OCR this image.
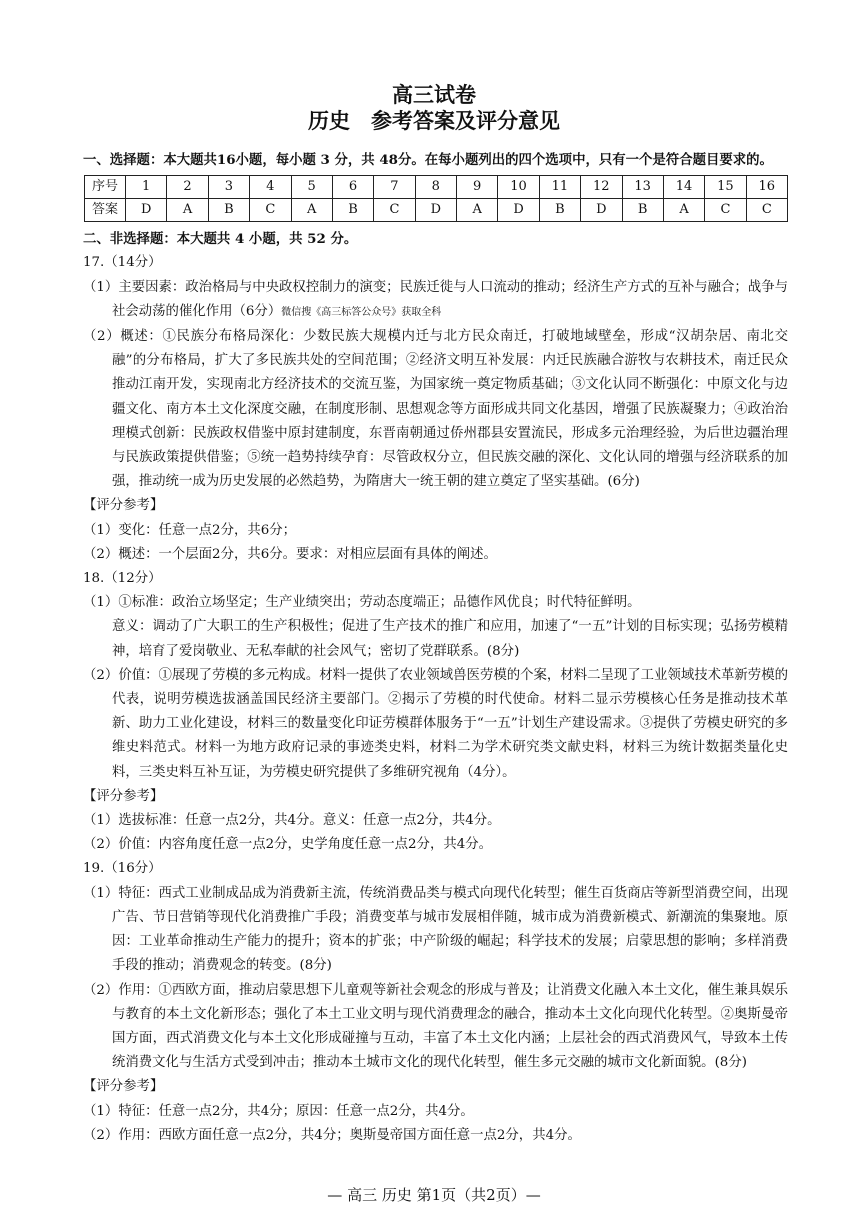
高三试卷
历史　参考答案及评分意见

一、选择题：本大题共16小题，每小题 3 分，共 48分。在每小题列出的四个选项中，只有一个是符合题目要求的。

序号	1	2	3	4	5	6	7	8	9	10	11	12	13	14	15	16
答案	D	A	B	C	A	B	C	D	A	D	B	D	B	A	C	C

二、非选择题：本大题共 4 小题，共 52 分。

17.（14分）

（1）主要因素：政治格局与中央政权控制力的演变；民族迁徙与人口流动的推动；经济生产方式的互补与融合；战争与社会动荡的催化作用（6分）微信搜《高三标答公众号》获取全科

（2）概述：①民族分布格局深化：少数民族大规模内迁与北方民众南迁，打破地域壁垒，形成“汉胡杂居、南北交融”的分布格局，扩大了多民族共处的空间范围；②经济文明互补发展：内迁民族融合游牧与农耕技术，南迁民众推动江南开发，实现南北方经济技术的交流互鉴，为国家统一奠定物质基础；③文化认同不断强化：中原文化与边疆文化、南方本土文化深度交融，在制度形制、思想观念等方面形成共同文化基因，增强了民族凝聚力；④政治治理模式创新：民族政权借鉴中原封建制度，东晋南朝通过侨州郡县安置流民，形成多元治理经验，为后世边疆治理与民族政策提供借鉴；⑤统一趋势持续孕育：尽管政权分立，但民族交融的深化、文化认同的增强与经济联系的加强，推动统一成为历史发展的必然趋势，为隋唐大一统王朝的建立奠定了坚实基础。(6分)

【评分参考】

（1）变化：任意一点2分，共6分；

（2）概述：一个层面2分，共6分。要求：对相应层面有具体的阐述。

18.（12分）

（1）①标准：政治立场坚定；生产业绩突出；劳动态度端正；品德作风优良；时代特征鲜明。

意义：调动了广大职工的生产积极性；促进了生产技术的推广和应用，加速了“一五”计划的目标实现；弘扬劳模精神，培育了爱岗敬业、无私奉献的社会风气；密切了党群联系。(8分)

（2）价值：①展现了劳模的多元构成。材料一提供了农业领域兽医劳模的个案，材料二呈现了工业领域技术革新劳模的代表，说明劳模选拔涵盖国民经济主要部门。②揭示了劳模的时代使命。材料二显示劳模核心任务是推动技术革新、助力工业化建设，材料三的数量变化印证劳模群体服务于“一五”计划生产建设需求。③提供了劳模史研究的多维史料范式。材料一为地方政府记录的事迹类史料，材料二为学术研究类文献史料，材料三为统计数据类量化史料，三类史料互补互证，为劳模史研究提供了多维研究视角（4分）。

【评分参考】

（1）选拔标准：任意一点2分，共4分。意义：任意一点2分，共4分。

（2）价值：内容角度任意一点2分，史学角度任意一点2分，共4分。

19.（16分）

（1）特征：西式工业制成品成为消费新主流，传统消费品类与模式向现代化转型；催生百货商店等新型消费空间，出现广告、节日营销等现代化消费推广手段；消费变革与城市发展相伴随，城市成为消费新模式、新潮流的集聚地。原因：工业革命推动生产能力的提升；资本的扩张；中产阶级的崛起；科学技术的发展；启蒙思想的影响；多样消费手段的推动；消费观念的转变。(8分)

（2）作用：①西欧方面，推动启蒙思想下儿童观等新社会观念的形成与普及；让消费文化融入本土文化，催生兼具娱乐与教育的本土文化新形态；强化了本土工业文明与现代消费理念的融合，推动本土文化向现代化转型。②奥斯曼帝国方面，西式消费文化与本土文化形成碰撞与互动，丰富了本土文化内涵；上层社会的西式消费风气，导致本土传统消费文化与生活方式受到冲击；推动本土城市文化的现代化转型，催生多元交融的城市文化新面貌。(8分)

【评分参考】

（1）特征：任意一点2分，共4分；原因：任意一点2分，共4分。

（2）作用：西欧方面任意一点2分，共4分；奥斯曼帝国方面任意一点2分，共4分。

— 高三 历史 第1页（共2页）—
